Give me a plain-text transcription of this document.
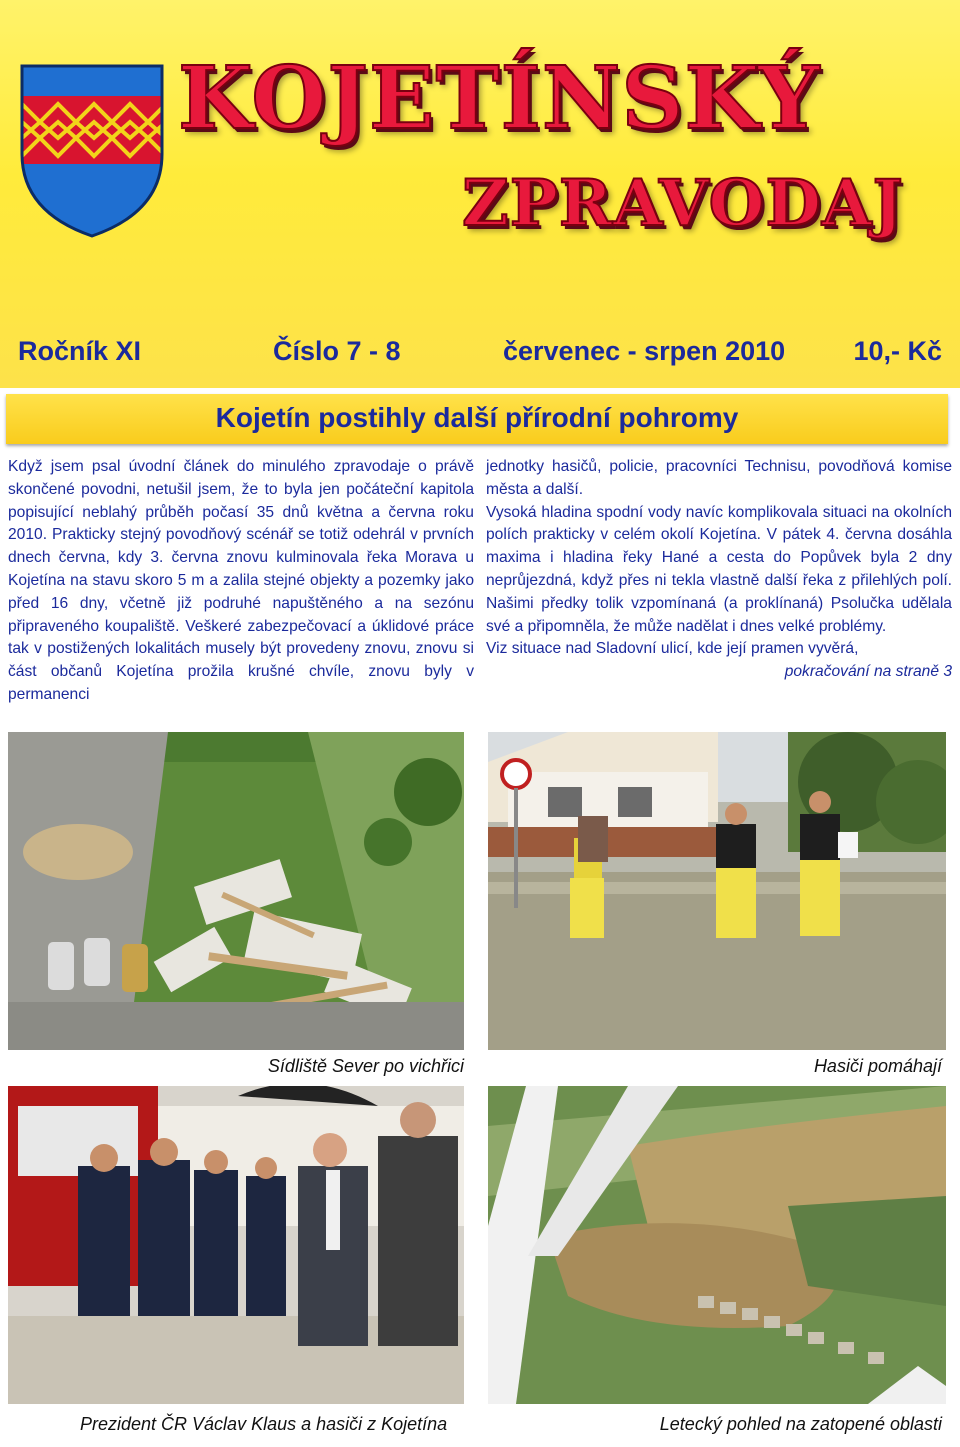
KOJETÍNSKÝ
ZPRAVODAJ
Ročník XI	Číslo 7 - 8	červenec - srpen 2010	10,- Kč
Kojetín postihly další přírodní pohromy

Když jsem psal úvodní článek do minulého zpravodaje o právě skončené povodni, netušil jsem, že to byla jen počáteční kapitola popisující neblahý průběh počasí 35 dnů května a června roku 2010. Prakticky stejný povodňový scénář se totiž odehrál v prvních dnech června, kdy 3. června znovu kulminovala řeka Morava u Kojetína na stavu skoro 5 m a zalila stejné objekty a pozemky jako před 16 dny, včetně již podruhé napuštěného a na sezónu připraveného koupaliště. Veškeré zabezpečovací a úklidové práce tak v postižených lokalitách musely být provedeny znovu, znovu si část občanů Kojetína prožila krušné chvíle, znovu byly v permanenci

jednotky hasičů, policie, pracovníci Technisu, povodňová komise města a další.

Vysoká hladina spodní vody navíc komplikovala situaci na okolních polích prakticky v celém okolí Kojetína. V pátek 4. června dosáhla maxima i hladina řeky Hané a cesta do Popůvek byla 2 dny neprůjezdná, když přes ni tekla vlastně další řeka z přilehlých polí. Našimi předky tolik vzpomínaná (a proklínaná) Psolučka udělala své a připomněla, že může nadělat i dnes velké problémy.

Viz situace nad Sladovní ulicí, kde její pramen vyvěrá,

pokračování na straně 3
Sídliště Sever po vichřici	Hasiči pomáhají
Prezident ČR Václav Klaus a hasiči z Kojetína	Letecký pohled na zatopené oblasti
